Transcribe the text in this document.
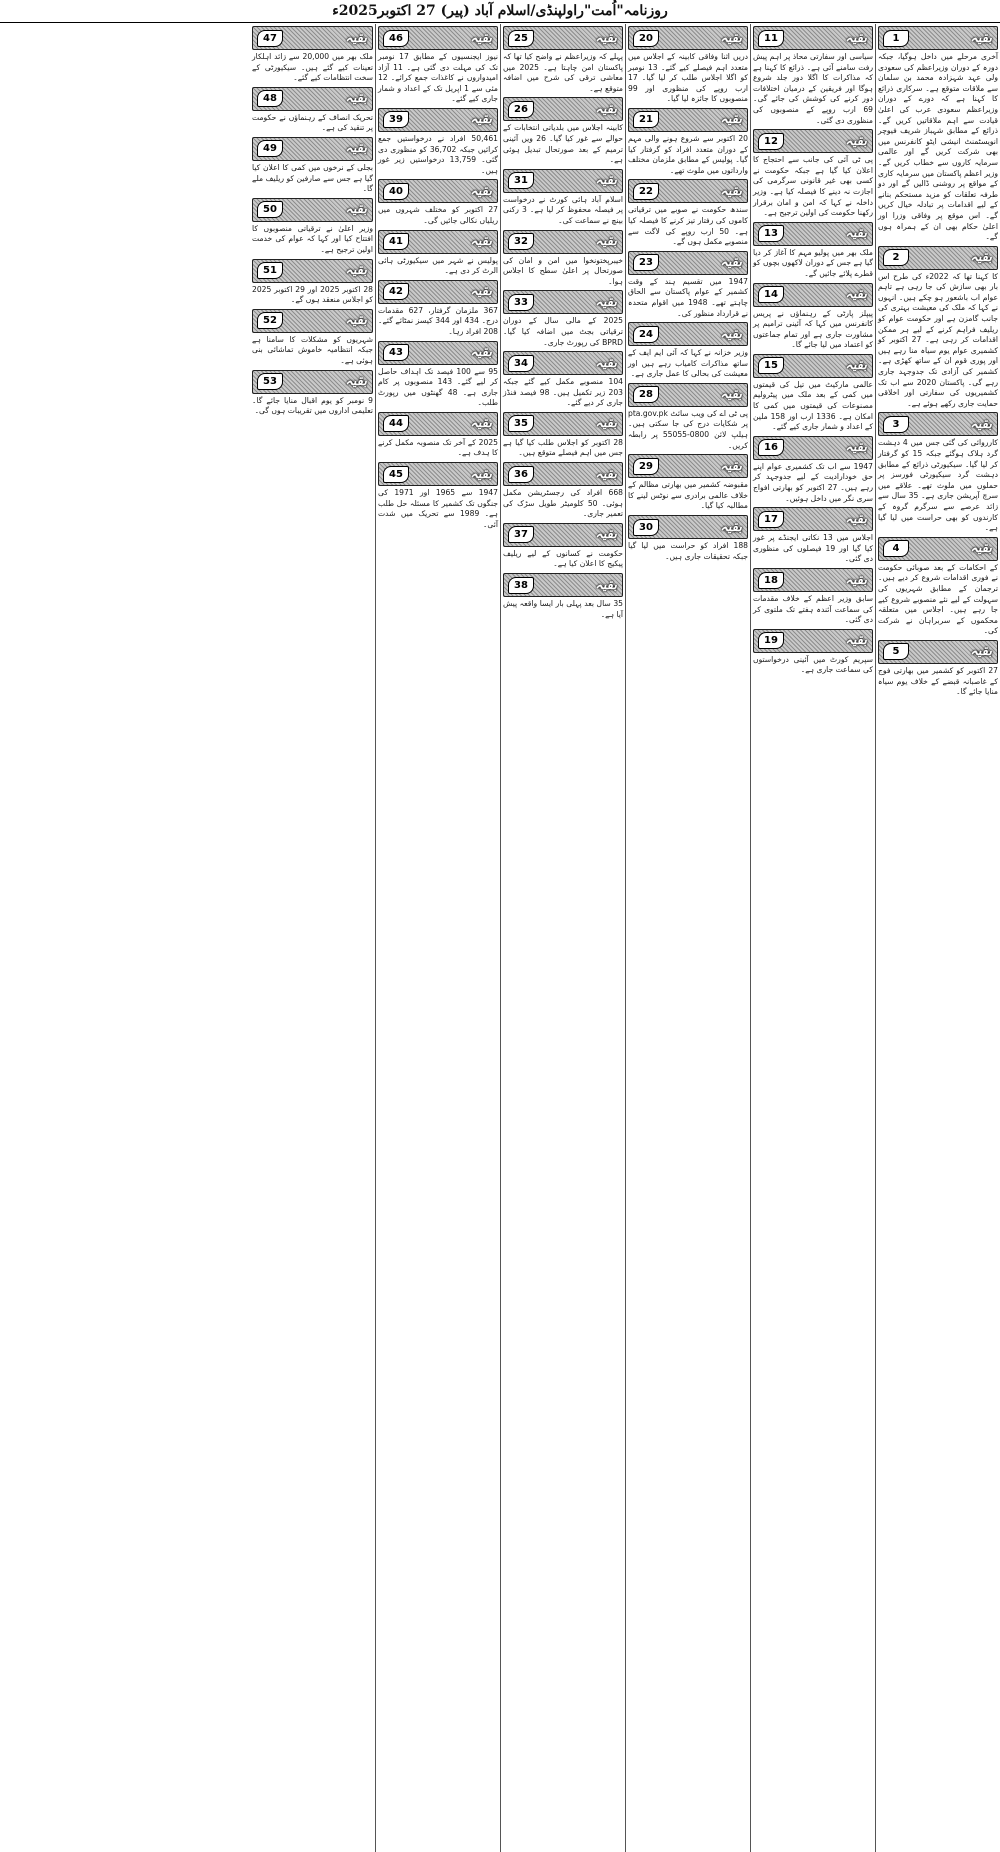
روزنامہ"اُمت"راولپنڈی/اسلام آباد (پیر) 27 اکتوبر2025ء
1	بقیہ
آخری مرحلے میں داخل ہوگیا، جبکہ دورہ کے دوران وزیراعظم کی سعودی ولی عہد شہزادہ محمد بن سلمان سے ملاقات متوقع ہے۔ سرکاری ذرائع کا کہنا ہے کہ دورے کے دوران وزیراعظم سعودی عرب کی اعلیٰ قیادت سے اہم ملاقاتیں کریں گے۔ ذرائع کے مطابق شہباز شریف فیوچر انویسٹمنٹ انیشی ایٹو کانفرنس میں بھی شرکت کریں گے اور عالمی سرمایہ کاروں سے خطاب کریں گے۔ وزیر اعظم پاکستان میں سرمایہ کاری کے مواقع پر روشنی ڈالیں گے اور دو طرفہ تعلقات کو مزید مستحکم بنانے کے لیے اقدامات پر تبادلہ خیال کریں گے۔ اس موقع پر وفاقی وزرا اور اعلیٰ حکام بھی ان کے ہمراہ ہوں گے۔
2	بقیہ
کا کہنا تھا کہ 2022ء کی طرح اس بار بھی سازش کی جا رہی ہے تاہم عوام اب باشعور ہو چکے ہیں۔ انہوں نے کہا کہ ملک کی معیشت بہتری کی جانب گامزن ہے اور حکومت عوام کو ریلیف فراہم کرنے کے لیے ہر ممکن اقدامات کر رہی ہے۔ 27 اکتوبر کو کشمیری عوام یوم سیاہ منا رہے ہیں اور پوری قوم ان کے ساتھ کھڑی ہے۔ کشمیر کی آزادی تک جدوجہد جاری رہے گی۔ پاکستان 2020 سے اب تک کشمیریوں کی سفارتی اور اخلاقی حمایت جاری رکھے ہوئے ہے۔
3	بقیہ
کارروائی کی گئی جس میں 4 دہشت گرد ہلاک ہوگئے جبکہ 15 کو گرفتار کر لیا گیا۔ سیکیورٹی ذرائع کے مطابق دہشت گرد سیکیورٹی فورسز پر حملوں میں ملوث تھے۔ علاقے میں سرچ آپریشن جاری ہے۔ 35 سال سے زائد عرصے سے سرگرم گروہ کے کارندوں کو بھی حراست میں لیا گیا ہے۔
4	بقیہ
کے احکامات کے بعد صوبائی حکومت نے فوری اقدامات شروع کر دیے ہیں۔ ترجمان کے مطابق شہریوں کی سہولت کے لیے نئے منصوبے شروع کیے جا رہے ہیں۔ اجلاس میں متعلقہ محکموں کے سربراہان نے شرکت کی۔
5	بقیہ
27 اکتوبر کو کشمیر میں بھارتی فوج کے غاصبانہ قبضے کے خلاف یوم سیاہ منایا جائے گا۔
11	بقیہ
سیاسی اور سفارتی محاذ پر اہم پیش رفت سامنے آئی ہے۔ ذرائع کا کہنا ہے کہ مذاکرات کا اگلا دور جلد شروع ہوگا اور فریقین کے درمیان اختلافات دور کرنے کی کوشش کی جائے گی۔ 69 ارب روپے کے منصوبوں کی منظوری دی گئی۔
12	بقیہ
پی ٹی آئی کی جانب سے احتجاج کا اعلان کیا گیا ہے جبکہ حکومت نے کسی بھی غیر قانونی سرگرمی کی اجازت نہ دینے کا فیصلہ کیا ہے۔ وزیر داخلہ نے کہا کہ امن و امان برقرار رکھنا حکومت کی اولین ترجیح ہے۔
13	بقیہ
ملک بھر میں پولیو مہم کا آغاز کر دیا گیا ہے جس کے دوران لاکھوں بچوں کو قطرے پلائے جائیں گے۔
14	بقیہ
پیپلز پارٹی کے رہنماؤں نے پریس کانفرنس میں کہا کہ آئینی ترامیم پر مشاورت جاری ہے اور تمام جماعتوں کو اعتماد میں لیا جائے گا۔
15	بقیہ
عالمی مارکیٹ میں تیل کی قیمتوں میں کمی کے بعد ملک میں پیٹرولیم مصنوعات کی قیمتوں میں کمی کا امکان ہے۔ 1336 ارب اور 158 ملین کے اعداد و شمار جاری کیے گئے۔
16	بقیہ
1947 سے اب تک کشمیری عوام اپنے حق خودارادیت کے لیے جدوجہد کر رہے ہیں۔ 27 اکتوبر کو بھارتی افواج سری نگر میں داخل ہوئیں۔
17	بقیہ
اجلاس میں 13 نکاتی ایجنڈے پر غور کیا گیا اور 19 فیصلوں کی منظوری دی گئی۔
18	بقیہ
سابق وزیر اعظم کے خلاف مقدمات کی سماعت آئندہ ہفتے تک ملتوی کر دی گئی۔
19	بقیہ
سپریم کورٹ میں آئینی درخواستوں کی سماعت جاری ہے۔
20	بقیہ
دریں اثنا وفاقی کابینہ کے اجلاس میں متعدد اہم فیصلے کیے گئے۔ 13 نومبر کو اگلا اجلاس طلب کر لیا گیا۔ 17 ارب روپے کی منظوری اور 99 منصوبوں کا جائزہ لیا گیا۔
21	بقیہ
20 اکتوبر سے شروع ہونے والی مہم کے دوران متعدد افراد کو گرفتار کیا گیا۔ پولیس کے مطابق ملزمان مختلف وارداتوں میں ملوث تھے۔
22	بقیہ
سندھ حکومت نے صوبے میں ترقیاتی کاموں کی رفتار تیز کرنے کا فیصلہ کیا ہے۔ 50 ارب روپے کی لاگت سے منصوبے مکمل ہوں گے۔
23	بقیہ
1947 میں تقسیم ہند کے وقت کشمیر کے عوام پاکستان سے الحاق چاہتے تھے۔ 1948 میں اقوام متحدہ نے قرارداد منظور کی۔
24	بقیہ
وزیر خزانہ نے کہا کہ آئی ایم ایف کے ساتھ مذاکرات کامیاب رہے ہیں اور معیشت کی بحالی کا عمل جاری ہے۔
28	بقیہ
پی ٹی اے کی ویب سائٹ pta.gov.pk پر شکایات درج کی جا سکتی ہیں۔ ہیلپ لائن 0800-55055 پر رابطہ کریں۔
29	بقیہ
مقبوضہ کشمیر میں بھارتی مظالم کے خلاف عالمی برادری سے نوٹس لینے کا مطالبہ کیا گیا۔
30	بقیہ
188 افراد کو حراست میں لیا گیا جبکہ تحقیقات جاری ہیں۔
25	بقیہ
پہلے کہ وزیراعظم نے واضح کیا تھا کہ پاکستان امن چاہتا ہے۔ 2025 میں معاشی ترقی کی شرح میں اضافہ متوقع ہے۔
26	بقیہ
کابینہ اجلاس میں بلدیاتی انتخابات کے حوالے سے غور کیا گیا۔ 26 ویں آئینی ترمیم کے بعد صورتحال تبدیل ہوئی ہے۔
31	بقیہ
اسلام آباد ہائی کورٹ نے درخواست پر فیصلہ محفوظ کر لیا ہے۔ 3 رکنی بینچ نے سماعت کی۔
32	بقیہ
خیبرپختونخوا میں امن و امان کی صورتحال پر اعلیٰ سطح کا اجلاس ہوا۔
33	بقیہ
2025 کے مالی سال کے دوران ترقیاتی بجٹ میں اضافہ کیا گیا۔ BPRD کی رپورٹ جاری۔
34	بقیہ
104 منصوبے مکمل کیے گئے جبکہ 203 زیر تکمیل ہیں۔ 98 فیصد فنڈز جاری کر دیے گئے۔
35	بقیہ
28 اکتوبر کو اجلاس طلب کیا گیا ہے جس میں اہم فیصلے متوقع ہیں۔
36	بقیہ
668 افراد کی رجسٹریشن مکمل ہوئی۔ 50 کلومیٹر طویل سڑک کی تعمیر جاری۔
37	بقیہ
حکومت نے کسانوں کے لیے ریلیف پیکیج کا اعلان کیا ہے۔
38	بقیہ
35 سال بعد پہلی بار ایسا واقعہ پیش آیا ہے۔
46	بقیہ
نیوز ایجنسیوں کے مطابق 17 نومبر تک کی مہلت دی گئی ہے۔ 11 آزاد امیدواروں نے کاغذات جمع کرائے۔ 12 مئی سے 1 اپریل تک کے اعداد و شمار جاری کیے گئے۔
39	بقیہ
50,461 افراد نے درخواستیں جمع کرائیں جبکہ 36,702 کو منظوری دی گئی۔ 13,759 درخواستیں زیر غور ہیں۔
40	بقیہ
27 اکتوبر کو مختلف شہروں میں ریلیاں نکالی جائیں گی۔
41	بقیہ
پولیس نے شہر میں سیکیورٹی ہائی الرٹ کر دی ہے۔
42	بقیہ
367 ملزمان گرفتار، 627 مقدمات درج۔ 434 اور 344 کیسز نمٹائے گئے۔ 208 افراد رہا۔
43	بقیہ
95 سے 100 فیصد تک اہداف حاصل کر لیے گئے۔ 143 منصوبوں پر کام جاری ہے۔ 48 گھنٹوں میں رپورٹ طلب۔
44	بقیہ
2025 کے آخر تک منصوبہ مکمل کرنے کا ہدف ہے۔
45	بقیہ
1947 سے 1965 اور 1971 کی جنگوں تک کشمیر کا مسئلہ حل طلب ہے۔ 1989 سے تحریک میں شدت آئی۔
47	بقیہ
ملک بھر میں 20,000 سے زائد اہلکار تعینات کیے گئے ہیں۔ سیکیورٹی کے سخت انتظامات کیے گئے۔
48	بقیہ
تحریک انصاف کے رہنماؤں نے حکومت پر تنقید کی ہے۔
49	بقیہ
بجلی کے نرخوں میں کمی کا اعلان کیا گیا ہے جس سے صارفین کو ریلیف ملے گا۔
50	بقیہ
وزیر اعلیٰ نے ترقیاتی منصوبوں کا افتتاح کیا اور کہا کہ عوام کی خدمت اولین ترجیح ہے۔
51	بقیہ
28 اکتوبر 2025 اور 29 اکتوبر 2025 کو اجلاس منعقد ہوں گے۔
52	بقیہ
شہریوں کو مشکلات کا سامنا ہے جبکہ انتظامیہ خاموش تماشائی بنی ہوئی ہے۔
53	بقیہ
9 نومبر کو یوم اقبال منایا جائے گا۔ تعلیمی اداروں میں تقریبات ہوں گی۔
